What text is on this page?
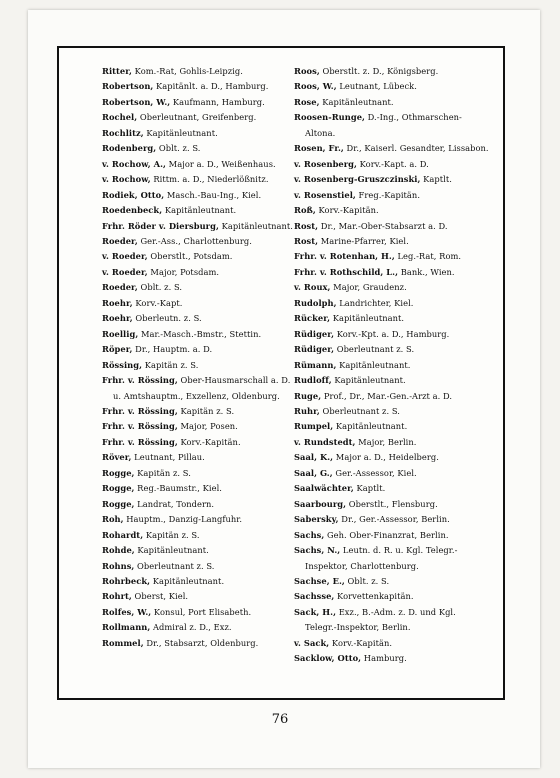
Ritter, Kom.-Rat, Gohlis-Leipzig.

Robertson, Kapitänlt. a. D., Hamburg.

Robertson, W., Kaufmann, Hamburg.

Rochel, Oberleutnant, Greifenberg.

Rochlitz, Kapitänleutnant.

Rodenberg, Oblt. z. S.

v. Rochow, A., Major a. D., Weißenhaus.

v. Rochow, Rittm. a. D., Niederlößnitz.

Rodiek, Otto, Masch.-Bau-Ing., Kiel.

Roedenbeck, Kapitänleutnant.

Frhr. Röder v. Diersburg, Kapitänleutnant.

Roeder, Ger.-Ass., Charlottenburg.

v. Roeder, Oberstlt., Potsdam.

v. Roeder, Major, Potsdam.

Roeder, Oblt. z. S.

Roehr, Korv.-Kapt.

Roehr, Oberleutn. z. S.

Roellig, Mar.-Masch.-Bmstr., Stettin.

Röper, Dr., Hauptm. a. D.

Rössing, Kapitän z. S.

Frhr. v. Rössing, Ober-Hausmarschall a. D. u. Amtshauptm., Exzellenz, Oldenburg.

Frhr. v. Rössing, Kapitän z. S.

Frhr. v. Rössing, Major, Posen.

Frhr. v. Rössing, Korv.-Kapitän.

Röver, Leutnant, Pillau.

Rogge, Kapitän z. S.

Rogge, Reg.-Baumstr., Kiel.

Rogge, Landrat, Tondern.

Roh, Hauptm., Danzig-Langfuhr.

Rohardt, Kapitän z. S.

Rohde, Kapitänleutnant.

Rohns, Oberleutnant z. S.

Rohrbeck, Kapitänleutnant.

Rohrt, Oberst, Kiel.

Rolfes, W., Konsul, Port Elisabeth.

Rollmann, Admiral z. D., Exz.

Rommel, Dr., Stabsarzt, Oldenburg.

Roos, Oberstlt. z. D., Königsberg.

Roos, W., Leutnant, Lübeck.

Rose, Kapitänleutnant.

Roosen-Runge, D.-Ing., Othmarschen-Altona.

Rosen, Fr., Dr., Kaiserl. Gesandter, Lissabon.

v. Rosenberg, Korv.-Kapt. a. D.

v. Rosenberg-Gruszczinski, Kaptlt.

v. Rosenstiel, Freg.-Kapitän.

Roß, Korv.-Kapitän.

Rost, Dr., Mar.-Ober-Stabsarzt a. D.

Rost, Marine-Pfarrer, Kiel.

Frhr. v. Rotenhan, H., Leg.-Rat, Rom.

Frhr. v. Rothschild, L., Bank., Wien.

v. Roux, Major, Graudenz.

Rudolph, Landrichter, Kiel.

Rücker, Kapitänleutnant.

Rüdiger, Korv.-Kpt. a. D., Hamburg.

Rüdiger, Oberleutnant z. S.

Rümann, Kapitänleutnant.

Rudloff, Kapitänleutnant.

Ruge, Prof., Dr., Mar.-Gen.-Arzt a. D.

Ruhr, Oberleutnant z. S.

Rumpel, Kapitänleutnant.

v. Rundstedt, Major, Berlin.

Saal, K., Major a. D., Heidelberg.

Saal, G., Ger.-Assessor, Kiel.

Saalwächter, Kaptlt.

Saarbourg, Oberstlt., Flensburg.

Sabersky, Dr., Ger.-Assessor, Berlin.

Sachs, Geh. Ober-Finanzrat, Berlin.

Sachs, N., Leutn. d. R. u. Kgl. Telegr.-Inspektor, Charlottenburg.

Sachse, E., Oblt. z. S.

Sachsse, Korvettenkapitän.

Sack, H., Exz., B.-Adm. z. D. und Kgl. Telegr.-Inspektor, Berlin.

v. Sack, Korv.-Kapitän.

Sacklow, Otto, Hamburg.

76
